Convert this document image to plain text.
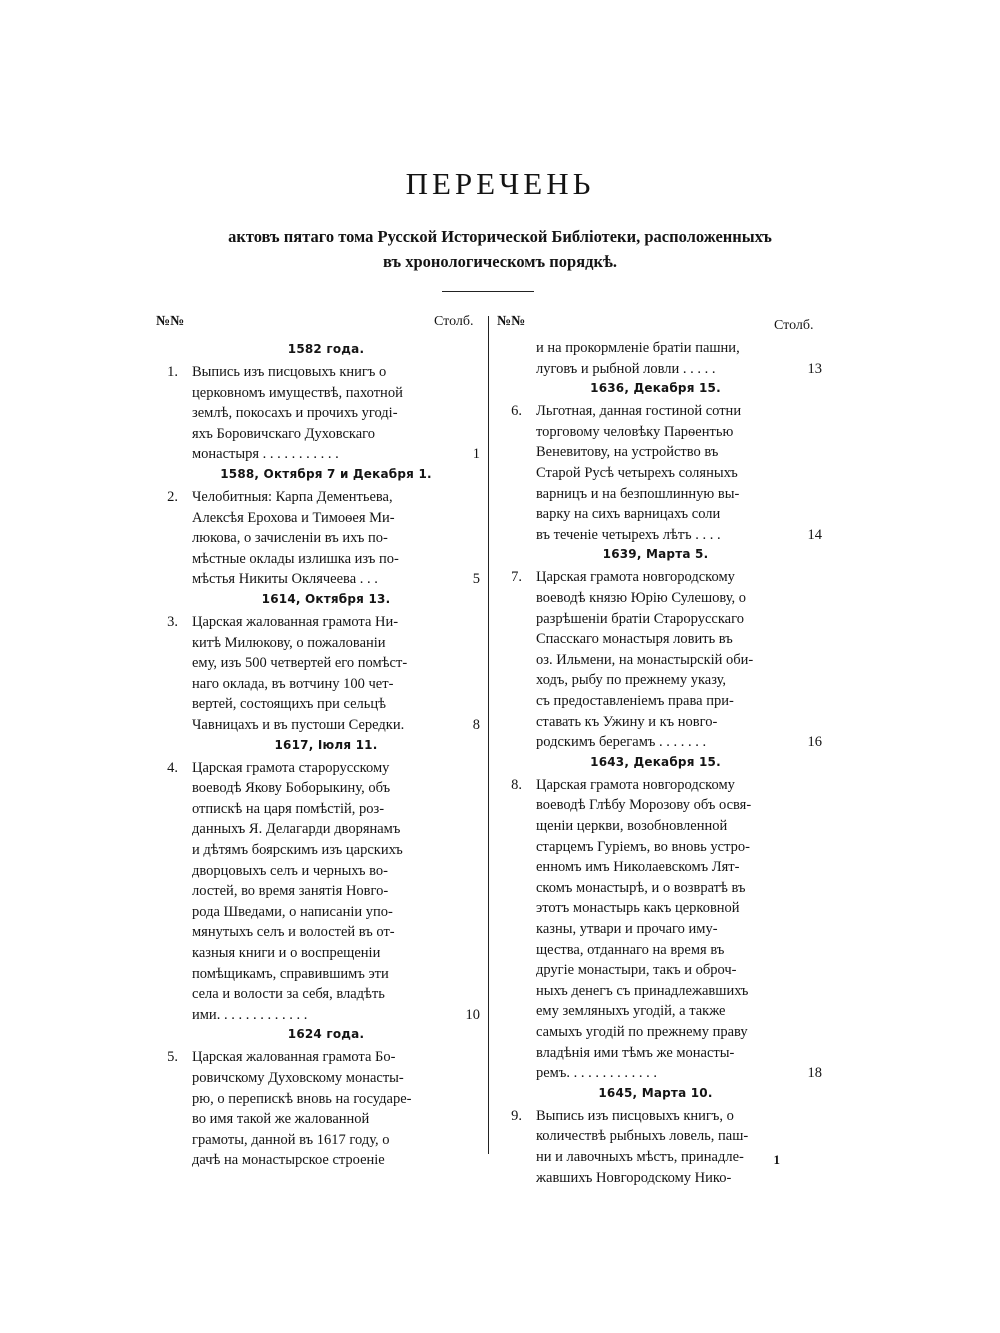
ПЕРЕЧЕНЬ
актовъ пятаго тома Русской Исторической Библіотеки, расположенныхъ
въ хронологическомъ порядкѣ.
№№	Столб. №№	Столб.
1582 года.
1. Выпись изъ писцовыхъ книгъ о
церковномъ имуществѣ, пахотной
землѣ, покосахъ и прочихъ угодi-
яхъ Боровичскаго Духовскаго
монастыря . . . . . . . . . . .	1
1588, Октября 7 и Декабря 1.
2. Челобитныя: Карпа Дементьева,
Алексѣя Ерохова и Тимоѳея Ми-
люкова, о зачисленiи въ ихъ по-
мѣстные оклады излишка изъ по-
мѣстья Никиты Оклячеева . . .	5
1614, Октября 13.
3. Царская жалованная грамота Ни-
китѣ Милюкову, о пожалованiи
ему, изъ 500 четвертей его помѣст-
наго оклада, въ вотчину 100 чет-
вертей, состоящихъ при сельцѣ
Чавницахъ и въ пустоши Середки.	8
1617, Iюля 11.
4. Царская грамота старорусскому
воеводѣ Якову Боборыкину, объ
отпискѣ на царя помѣстiй, роз-
данныхъ Я. Делагарди дворянамъ
и дѣтямъ боярскимъ изъ царскихъ
дворцовыхъ селъ и черныхъ во-
лостей, во время занятiя Новго-
рода Шведами, о написанiи упо-
мянутыхъ селъ и волостей въ от-
казныя книги и о воспрещенiи
помѣщикамъ, справившимъ эти
села и волости за себя, владѣть
ими. . . . . . . . . . . . .	10
1624 года.
5. Царская жалованная грамота Бо-
ровичскому Духовскому монасты-
рю, о перепискѣ вновь на государе-
во имя такой же жалованной
грамоты, данной въ 1617 году, о
дачѣ на монастырское строенiе
и на прокормленiе братiи пашни,
луговъ и рыбной ловли . . . . .	13
1636, Декабря 15.
6. Льготная, данная гостиной сотни
торговому человѣку Парѳентью
Веневитову, на устройство въ
Старой Русѣ четырехъ соляныхъ
варницъ и на безпошлинную вы-
варку на сихъ варницахъ соли
въ теченiе четырехъ лѣтъ . . . .	14
1639, Марта 5.
7. Царская грамота новгородскому
воеводѣ князю Юрiю Сулешову, о
разрѣшенiи братiи Старорусскаго
Спасскаго монастыря ловить въ
оз. Ильмени, на монастырскiй оби-
ходъ, рыбу по прежнему указу,
съ предоставленiемъ права при-
ставать къ Ужину и къ новго-
родскимъ берегамъ . . . . . . .	16
1643, Декабря 15.
8. Царская грамота новгородскому
воеводѣ Глѣбу Морозову объ освя-
щенiи церкви, возобновленной
старцемъ Гурiемъ, во вновь устро-
енномъ имъ Николаевскомъ Лят-
скомъ монастырѣ, и о возвратѣ въ
этотъ монастырь какъ церковной
казны, утвари и прочаго иму-
щества, отданнаго на время въ
другiе монастыри, такъ и оброч-
ныхъ денегъ съ принадлежавшихъ
ему земляныхъ угодiй, а также
самыхъ угодiй по прежнему праву
владѣнiя ими тѣмъ же монасты-
ремъ. . . . . . . . . . . . .	18
1645, Марта 10.
9. Выпись изъ писцовыхъ книгъ, о
количествѣ рыбныхъ ловель, паш-
ни и лавочныхъ мѣстъ, принадле-
жавшихъ Новгородскому Нико-
1
